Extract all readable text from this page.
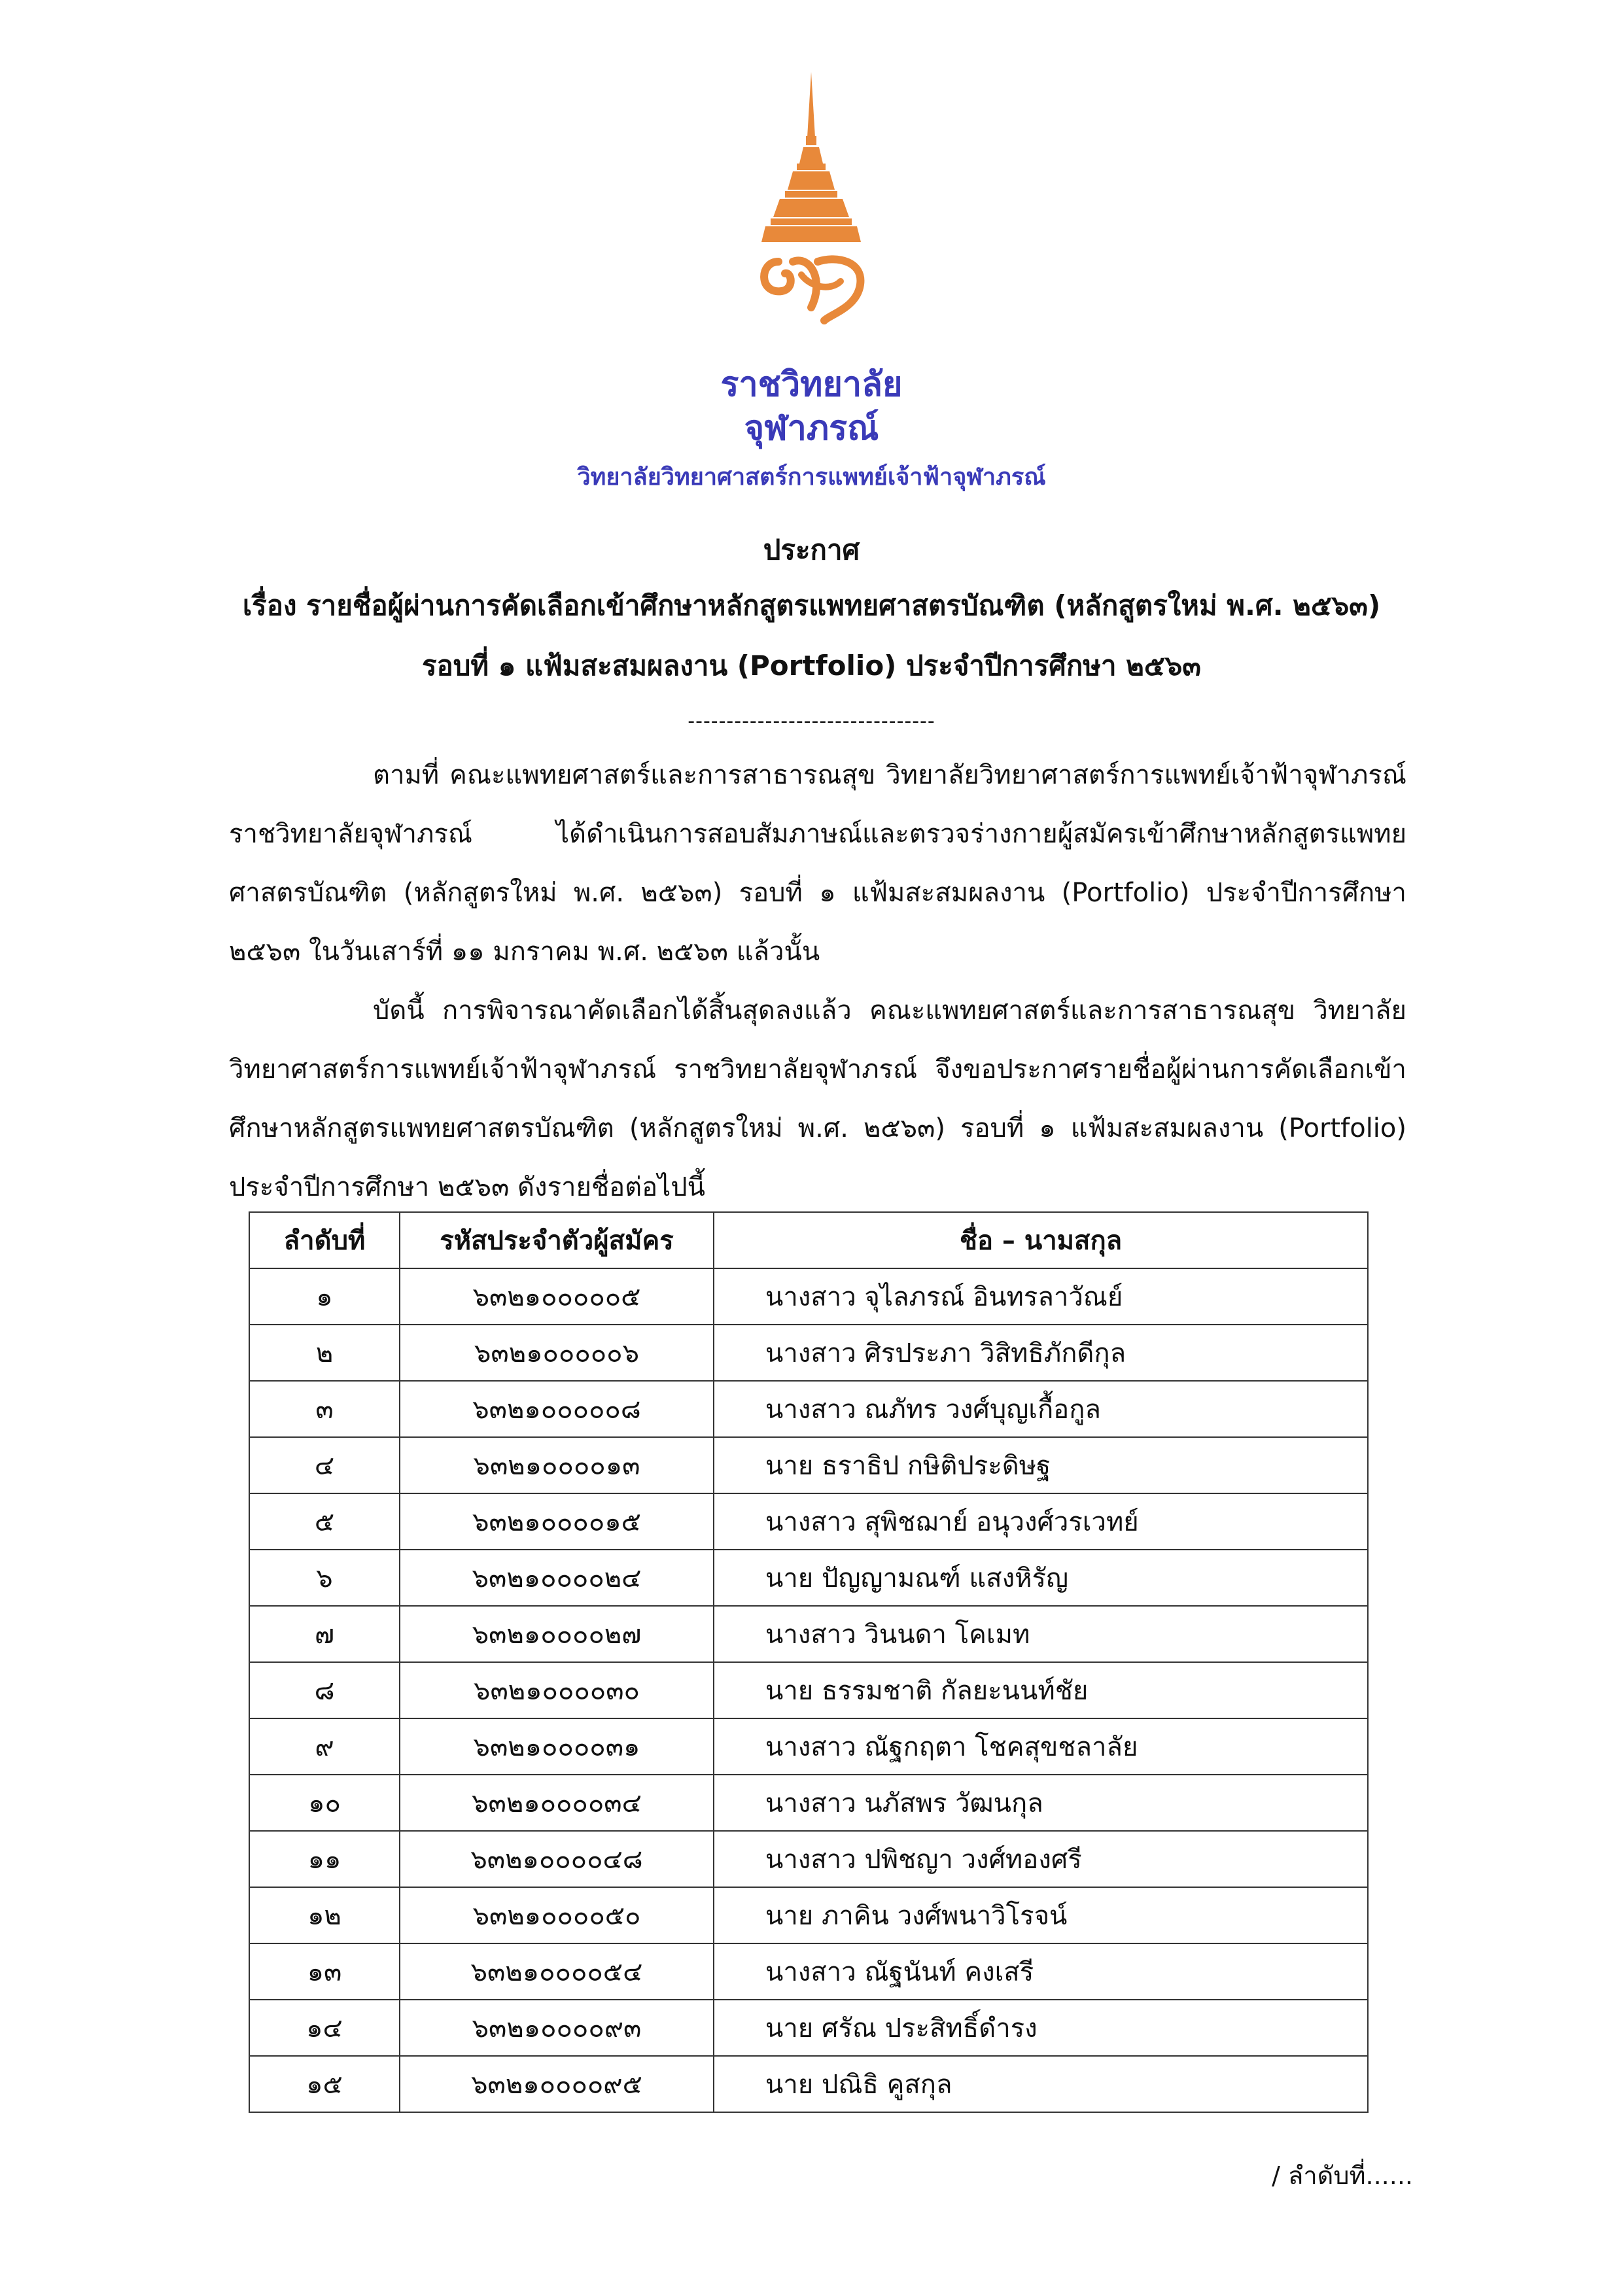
ราชวิทยาลัย
จุฬาภรณ์
วิทยาลัยวิทยาศาสตร์การแพทย์เจ้าฟ้าจุฬาภรณ์
ประกาศ
เรื่อง รายชื่อผู้ผ่านการคัดเลือกเข้าศึกษาหลักสูตรแพทยศาสตรบัณฑิต (หลักสูตรใหม่ พ.ศ. ๒๕๖๓)
รอบที่ ๑ แฟ้มสะสมผลงาน (Portfolio) ประจำปีการศึกษา ๒๕๖๓
--------------------------------

ตามที่ คณะแพทยศาสตร์และการสาธารณสุข วิทยาลัยวิทยาศาสตร์การแพทย์เจ้าฟ้าจุฬาภรณ์ ราชวิทยาลัยจุฬาภรณ์ ได้ดำเนินการสอบสัมภาษณ์และตรวจร่างกายผู้สมัครเข้าศึกษาหลักสูตรแพทยศาสตรบัณฑิต (หลักสูตรใหม่ พ.ศ. ๒๕๖๓) รอบที่ ๑ แฟ้มสะสมผลงาน (Portfolio) ประจำปีการศึกษา ๒๕๖๓ ในวันเสาร์ที่ ๑๑ มกราคม พ.ศ. ๒๕๖๓ แล้วนั้น

บัดนี้ การพิจารณาคัดเลือกได้สิ้นสุดลงแล้ว คณะแพทยศาสตร์และการสาธารณสุข วิทยาลัยวิทยาศาสตร์การแพทย์เจ้าฟ้าจุฬาภรณ์ ราชวิทยาลัยจุฬาภรณ์ จึงขอประกาศรายชื่อผู้ผ่านการคัดเลือกเข้าศึกษาหลักสูตรแพทยศาสตรบัณฑิต (หลักสูตรใหม่ พ.ศ. ๒๕๖๓) รอบที่ ๑ แฟ้มสะสมผลงาน (Portfolio) ประจำปีการศึกษา ๒๕๖๓ ดังรายชื่อต่อไปนี้

ลำดับที่	รหัสประจำตัวผู้สมัคร	ชื่อ – นามสกุล
๑	๖๓๒๑๐๐๐๐๐๕	นางสาว จุไลภรณ์ อินทรลาวัณย์
๒	๖๓๒๑๐๐๐๐๐๖	นางสาว ศิรประภา วิสิทธิภักดีกุล
๓	๖๓๒๑๐๐๐๐๐๘	นางสาว ณภัทร วงศ์บุญเกื้อกูล
๔	๖๓๒๑๐๐๐๐๑๓	นาย ธราธิป กษิติประดิษฐ
๕	๖๓๒๑๐๐๐๐๑๕	นางสาว สุพิชฌาย์ อนุวงศ์วรเวทย์
๖	๖๓๒๑๐๐๐๐๒๔	นาย ปัญญามณฑ์ แสงหิรัญ
๗	๖๓๒๑๐๐๐๐๒๗	นางสาว วินนดา โคเมท
๘	๖๓๒๑๐๐๐๐๓๐	นาย ธรรมชาติ กัลยะนนท์ชัย
๙	๖๓๒๑๐๐๐๐๓๑	นางสาว ณัฐกฤตา โชคสุขชลาลัย
๑๐	๖๓๒๑๐๐๐๐๓๔	นางสาว นภัสพร วัฒนกุล
๑๑	๖๓๒๑๐๐๐๐๔๘	นางสาว ปพิชญา วงศ์ทองศรี
๑๒	๖๓๒๑๐๐๐๐๕๐	นาย ภาคิน วงศ์พนาวิโรจน์
๑๓	๖๓๒๑๐๐๐๐๕๔	นางสาว ณัฐนันท์ คงเสรี
๑๔	๖๓๒๑๐๐๐๐๙๓	นาย ศรัณ ประสิทธิ์ดำรง
๑๕	๖๓๒๑๐๐๐๐๙๕	นาย ปณิธิ คูสกุล
/ ลำดับที่......
